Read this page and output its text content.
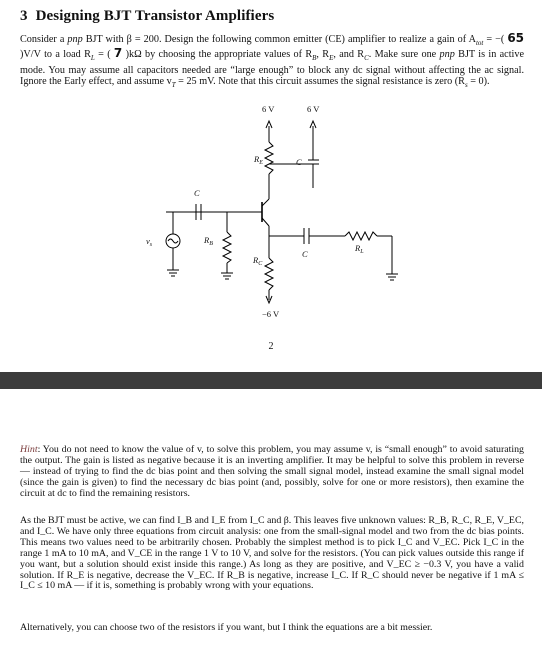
3 Designing BJT Transistor Amplifiers
Consider a pnp BJT with β = 200. Design the following common emitter (CE) amplifier to realize a gain of $A_{tot}$ = −( 65 )V/V to a load $R_L$ = ( 7 )kΩ by choosing the appropriate values of $R_B$, $R_E$, and $R_C$. Make sure one pnp BJT is in active mode. You may assume all capacitors needed are “large enough” to block any dc signal without affecting the ac signal. Ignore the Early effect, and assume $v_T = 25$ mV. Note that this circuit assumes the signal resistance is zero $(R_s = 0)$.
6 V	6 V
−6 V
$R_E$	C
C
$R_B$
$R_C$
C
$R_L$
$v_s$
2
Hint: You do not need to know the value of v, to solve this problem, you may assume v, is “small enough” to avoid saturating the output. The gain is listed as negative because it is an inverting amplifier. It may be helpful to solve this problem in reverse — instead of trying to find the dc bias point and then solving the small signal model, instead examine the small signal model (since the gain is given) to find the necessary dc bias point (and, possibly, solve for one or more resistors), then examine the circuit at dc to find the remaining resistors.
As the BJT must be active, we can find I_B and I_E from I_C and β. This leaves five unknown values: R_B, R_C, R_E, V_EC, and I_C. We have only three equations from circuit analysis: one from the small-signal model and two from the dc bias points. This means two values need to be arbitrarily chosen. Probably the simplest method is to pick I_C and V_EC. Pick I_C in the range 1 mA to 10 mA, and V_CE in the range 1 V to 10 V, and solve for the resistors. (You can pick values outside this range if you want, but a solution should exist inside this range.) As long as they are positive, and V_EC ≥ −0.3 V, you have a valid solution. If R_E is negative, decrease the V_EC. If R_B is negative, increase I_C. If R_C should never be negative if 1 mA ≤ I_C ≤ 10 mA — if it is, something is probably wrong with your equations.
Alternatively, you can choose two of the resistors if you want, but I think the equations are a bit messier.
